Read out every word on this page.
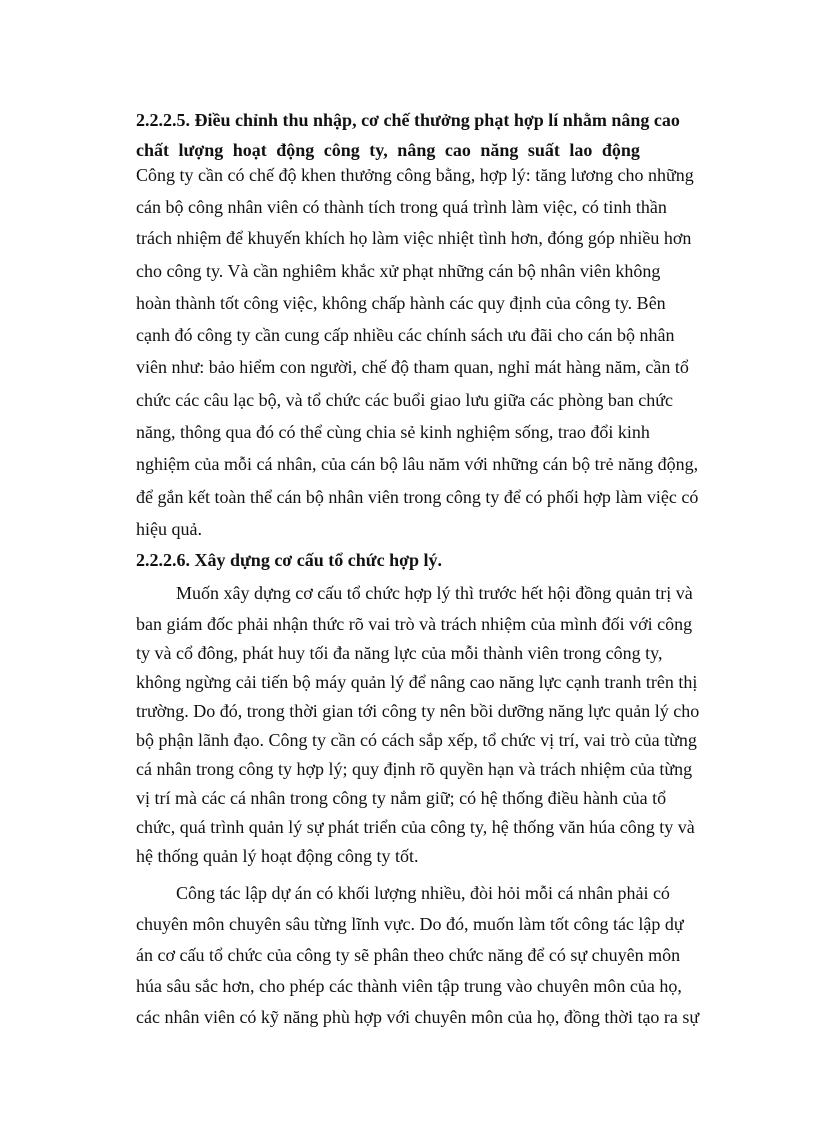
2.2.2.5. Điều chỉnh thu nhập, cơ chế thưởng phạt hợp lí nhằm nâng cao
chất lượng hoạt động công ty, nâng cao năng suất lao động
Công ty cần có chế độ khen thưởng công bằng, hợp lý: tăng lương cho những
cán bộ công nhân viên có thành tích trong quá trình làm việc, có tinh thần
trách nhiệm để khuyến khích họ làm việc nhiệt tình hơn, đóng góp nhiều hơn
cho công ty. Và cần nghiêm khắc xử phạt những cán bộ nhân viên không
hoàn thành tốt công việc, không chấp hành các quy định của công ty. Bên
cạnh đó công ty cần cung cấp nhiều các chính sách ưu đãi cho cán bộ nhân
viên như: bảo hiểm con người, chế độ tham quan, nghỉ mát hàng năm, cần tổ
chức các câu lạc bộ, và tổ chức các buổi giao lưu giữa các phòng ban chức
năng, thông qua đó có thể cùng chia sẻ kinh nghiệm sống, trao đổi kinh
nghiệm của mỗi cá nhân, của cán bộ lâu năm với những cán bộ trẻ năng động,
để gắn kết toàn thể cán bộ nhân viên trong công ty để có phối hợp làm việc có
hiệu quả.
2.2.2.6. Xây dựng cơ cấu tổ chức hợp lý.
Muốn xây dựng cơ cấu tổ chức hợp lý thì trước hết hội đồng quản trị và
ban giám đốc phải nhận thức rõ vai trò và trách nhiệm của mình đối với công
ty và cổ đông, phát huy tối đa năng lực của mỗi thành viên trong công ty,
không ngừng cải tiến bộ máy quản lý để nâng cao năng lực cạnh tranh trên thị
trường. Do đó, trong thời gian tới công ty nên bồi dưỡng năng lực quản lý cho
bộ phận lãnh đạo. Công ty cần có cách sắp xếp, tổ chức vị trí, vai trò của từng
cá nhân trong công ty hợp lý; quy định rõ quyền hạn và trách nhiệm của từng
vị trí mà các cá nhân trong công ty nắm giữ; có hệ thống điều hành của tổ
chức, quá trình quản lý sự phát triển của công ty, hệ thống văn húa công ty và
hệ thống quản lý hoạt động công ty tốt.
Công tác lập dự án có khối lượng nhiều, đòi hỏi mỗi cá nhân phải có
chuyên môn chuyên sâu từng lĩnh vực. Do đó, muốn làm tốt công tác lập dự
án cơ cấu tổ chức của công ty sẽ phân theo chức năng để có sự chuyên môn
húa sâu sắc hơn, cho phép các thành viên tập trung vào chuyên môn của họ,
các nhân viên có kỹ năng phù hợp với chuyên môn của họ, đồng thời tạo ra sự
